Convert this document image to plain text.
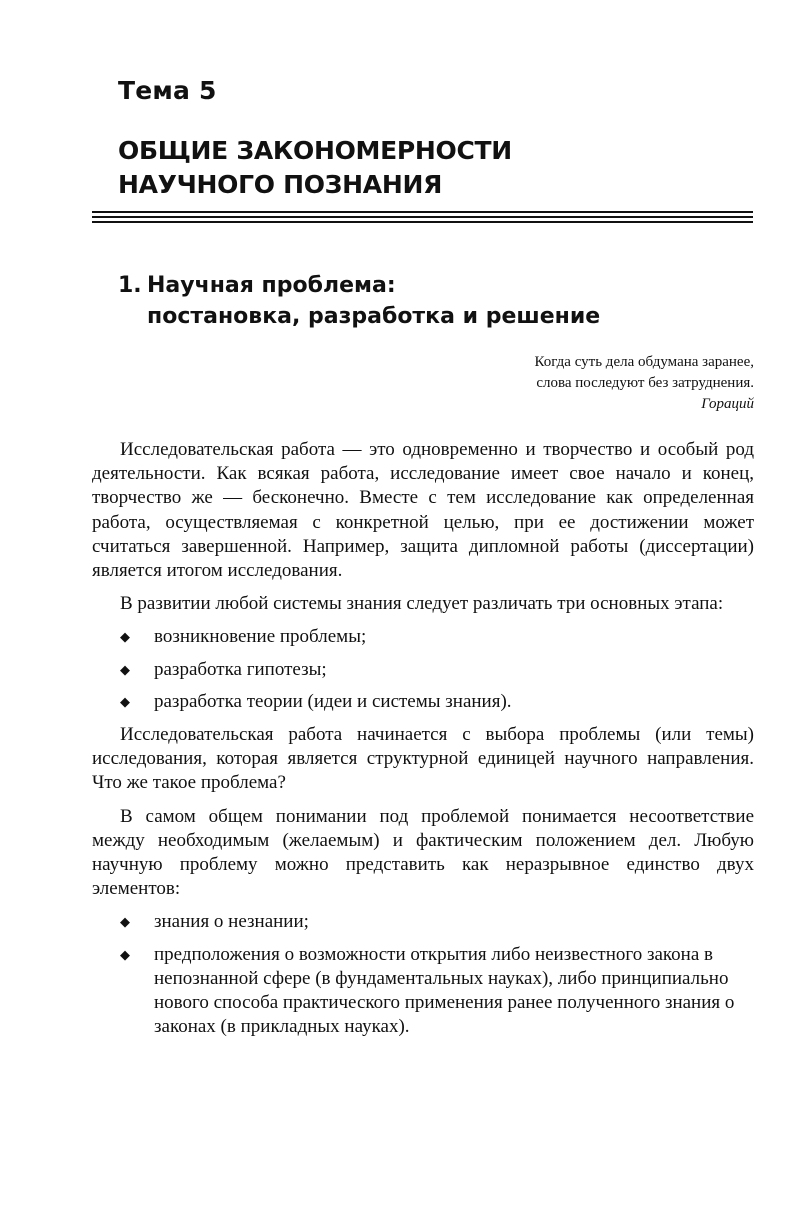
Тема 5
ОБЩИЕ ЗАКОНОМЕРНОСТИ
НАУЧНОГО ПОЗНАНИЯ
1. Научная проблема:
постановка, разработка и решение
Когда суть дела обдумана заранее,
слова последуют без затруднения.
Гораций

Исследовательская работа — это одновременно и творчество и особый род деятельности. Как всякая работа, исследование имеет свое начало и конец, творчество же — бесконечно. Вместе с тем исследование как определенная работа, осуществляемая с конкретной целью, при ее достижении может считаться завершенной. Например, защита дипломной работы (диссертации) является итогом исследования.

В развитии любой системы знания следует различать три основных этапа:

◆ возникновение проблемы;
◆ разработка гипотезы;
◆ разработка теории (идеи и системы знания).

Исследовательская работа начинается с выбора проблемы (или темы) исследования, которая является структурной единицей научного направления. Что же такое проблема?

В самом общем понимании под проблемой понимается несоответствие между необходимым (желаемым) и фактическим положением дел. Любую научную проблему можно представить как неразрывное единство двух элементов:

◆ знания о незнании;
◆ предположения о возможности открытия либо неизвестного закона в непознанной сфере (в фундаментальных науках), либо принципиально нового способа практического применения ранее полученного знания о законах (в прикладных науках).
